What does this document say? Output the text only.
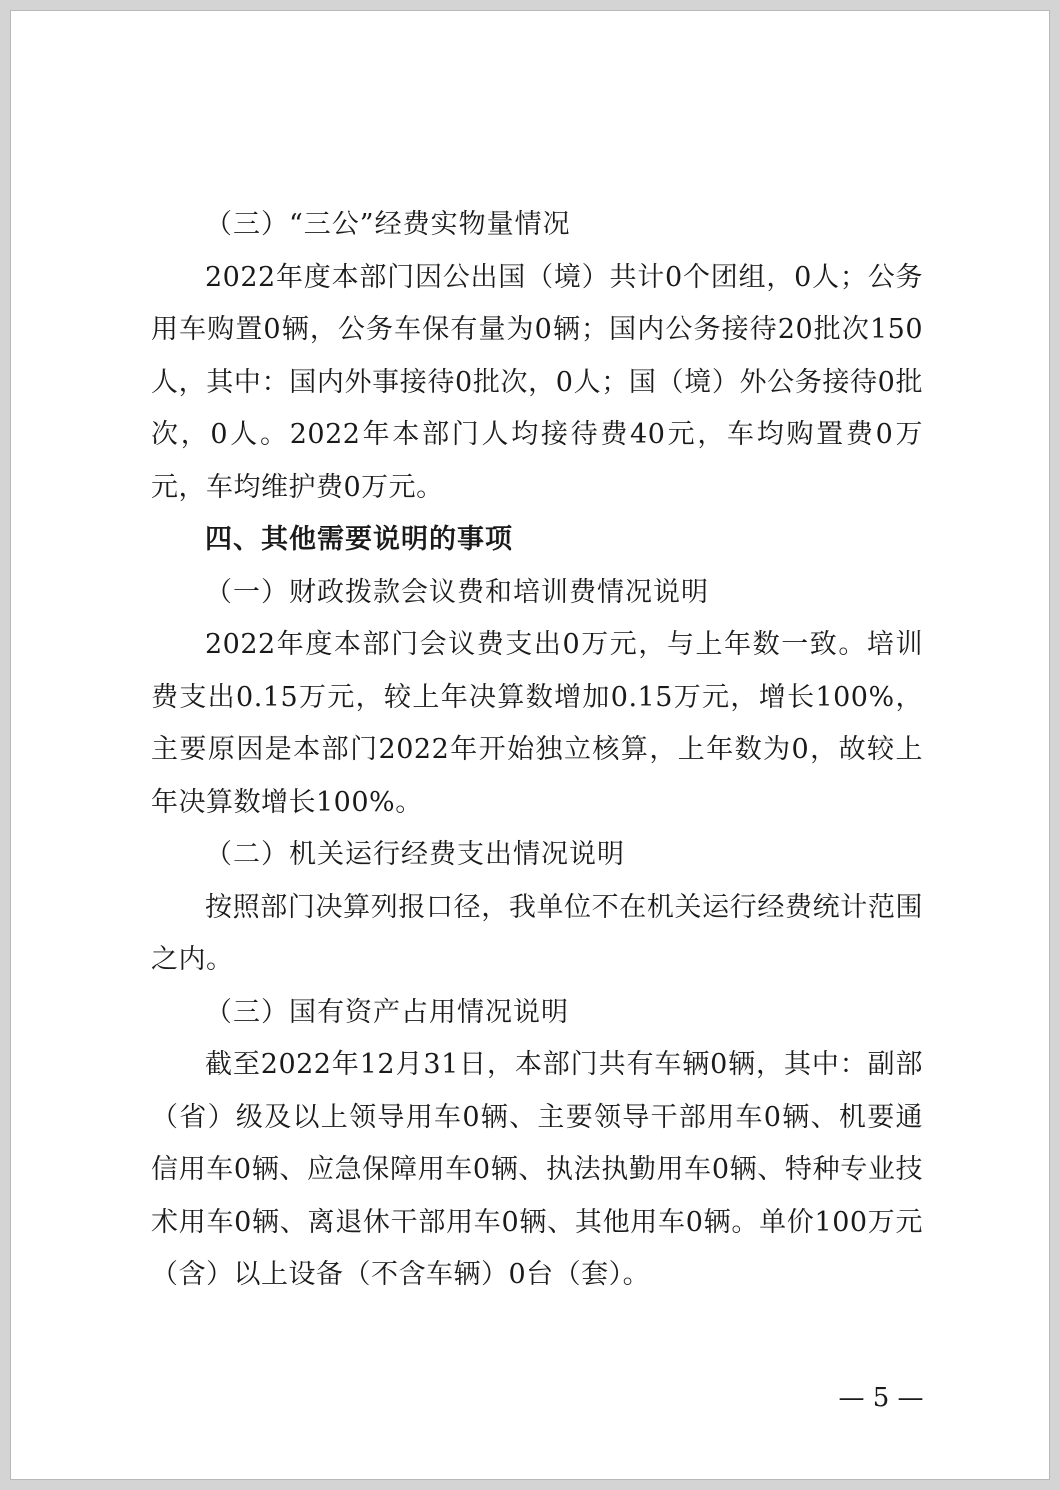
（三）“三公”经费实物量情况

2022年度本部门因公出国（境）共计0个团组，0人；公务用车购置0辆，公务车保有量为0辆；国内公务接待20批次150人，其中：国内外事接待0批次，0人；国（境）外公务接待0批次，0人。2022年本部门人均接待费40元，车均购置费0万元，车均维护费0万元。

四、其他需要说明的事项

（一）财政拨款会议费和培训费情况说明

2022年度本部门会议费支出0万元，与上年数一致。培训费支出0.15万元，较上年决算数增加0.15万元，增长100%，主要原因是本部门2022年开始独立核算，上年数为0，故较上年决算数增长100%。

（二）机关运行经费支出情况说明

按照部门决算列报口径，我单位不在机关运行经费统计范围之内。

（三）国有资产占用情况说明

截至2022年12月31日，本部门共有车辆0辆，其中：副部（省）级及以上领导用车0辆、主要领导干部用车0辆、机要通信用车0辆、应急保障用车0辆、执法执勤用车0辆、特种专业技术用车0辆、离退休干部用车0辆、其他用车0辆。单价100万元（含）以上设备（不含车辆）0台（套）。

— 5 —
